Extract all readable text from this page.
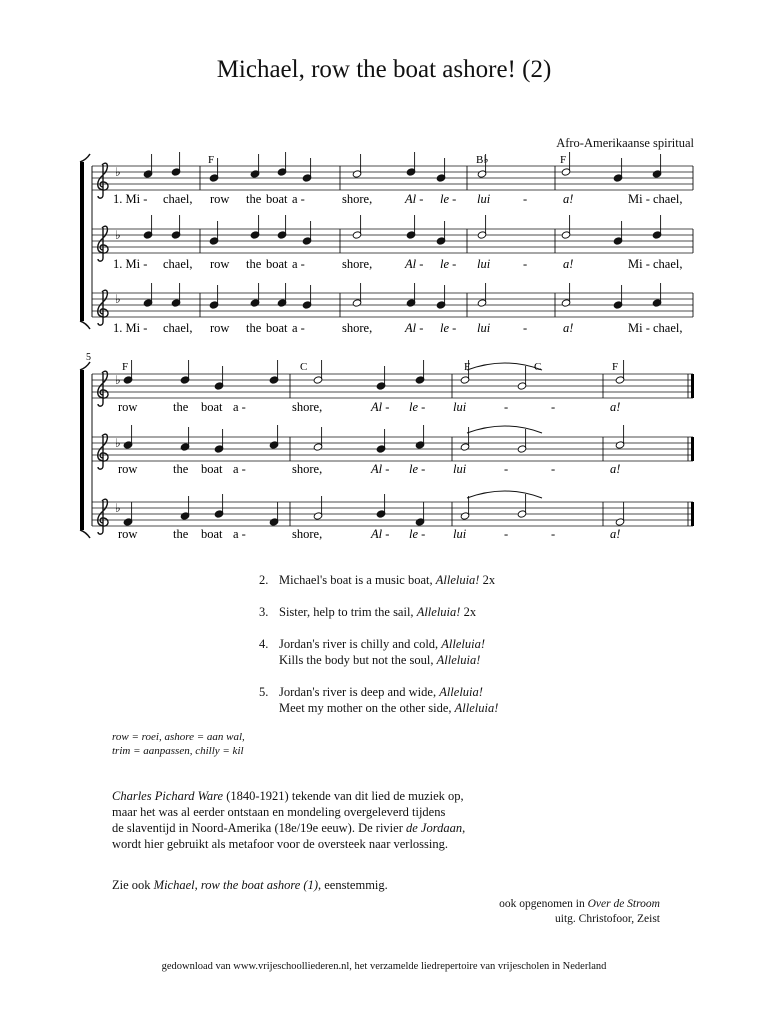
Michael, row the boat ashore! (2)
Afro-Amerikaanse spiritual
♭
♭
♭
♭
♭
♭
5
F	B♭	F
F	C	F	C	F
1. Mi - chael, row the boat a -	shore,	Al - le - lui	-	a!	Mi - chael,
1. Mi - chael, row the boat a -	shore,	Al - le - lui	-	a!	Mi - chael,
1. Mi - chael, row the boat a -	shore,	Al - le - lui	-	a!	Mi - chael,
row	the boat a -	shore,	Al - le - lui	-	-	a!
row	the boat a -	shore,	Al - le - lui	-	-	a!
row	the boat a -	shore,	Al - le - lui	-	-	a!
2. Michael's boat is a music boat, Alleluia! 2x
3. Sister, help to trim the sail, Alleluia! 2x
4. Jordan's river is chilly and cold, Alleluia!
Kills the body but not the soul, Alleluia!
5. Jordan's river is deep and wide, Alleluia!
Meet my mother on the other side, Alleluia!
row = roei, ashore = aan wal,
trim = aanpassen, chilly = kil
Charles Pichard Ware (1840-1921) tekende van dit lied de muziek op,
maar het was al eerder ontstaan en mondeling overgeleverd tijdens
de slaventijd in Noord-Amerika (18e/19e eeuw). De rivier de Jordaan,
wordt hier gebruikt als metafoor voor de oversteek naar verlossing.
Zie ook Michael, row the boat ashore (1), eenstemmig.
ook opgenomen in Over de Stroom
uitg. Christofoor, Zeist
gedownload van www.vrijeschoolliederen.nl, het verzamelde liedrepertoire van vrijescholen in Nederland
